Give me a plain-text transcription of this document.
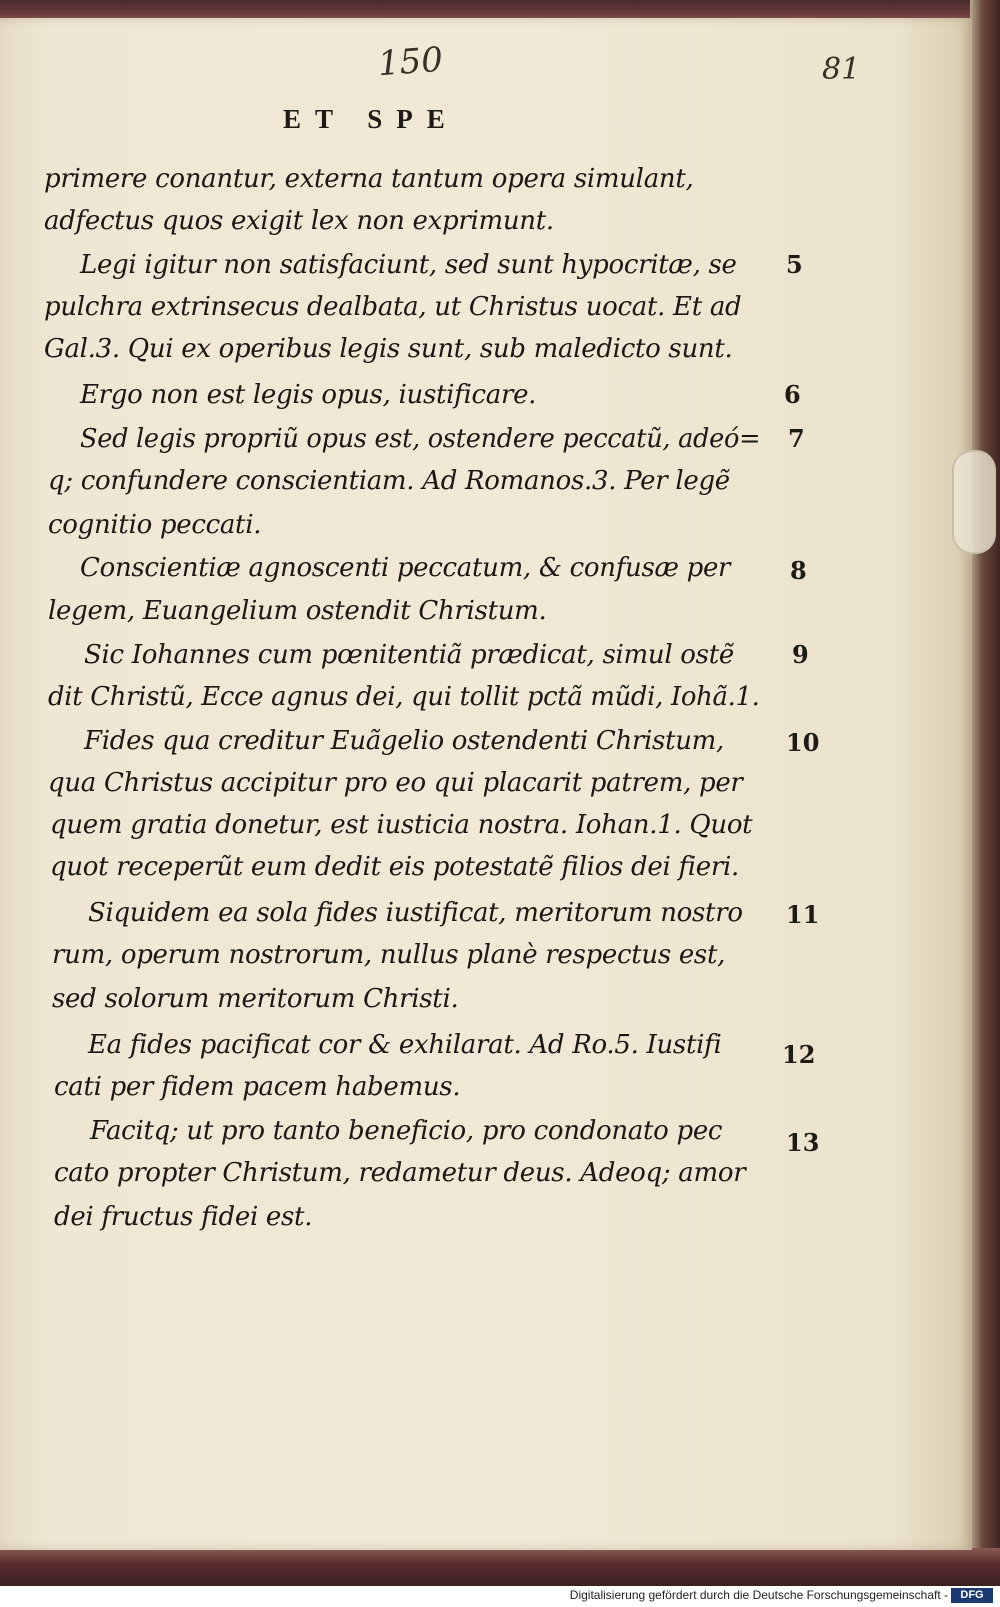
150	81
ET SPE
primere conantur, externa tantum opera simulant,
adfectus quos exigit lex non exprimunt.
Legi igitur non satisfaciunt, sed sunt hypocritæ, se
pulchra extrinsecus dealbata, ut Christus uocat. Et ad
Gal.3. Qui ex operibus legis sunt, sub maledicto sunt.
Ergo non est legis opus, iustificare.
Sed legis propriũ opus est, ostendere peccatũ, adeó=
q; confundere conscientiam. Ad Romanos.3. Per legẽ
cognitio peccati.
Conscientiæ agnoscenti peccatum, & confusæ per
legem, Euangelium ostendit Christum.
Sic Iohannes cum pœnitentiã prædicat, simul ostẽ
dit Christũ, Ecce agnus dei, qui tollit pctã mũdi, Iohã.1.
Fides qua creditur Euãgelio ostendenti Christum,
qua Christus accipitur pro eo qui placarit patrem, per
quem gratia donetur, est iusticia nostra. Iohan.1. Quot
quot receperũt eum dedit eis potestatẽ filios dei fieri.
Siquidem ea sola fides iustificat, meritorum nostro
rum, operum nostrorum, nullus planè respectus est,
sed solorum meritorum Christi.
Ea fides pacificat cor & exhilarat. Ad Ro.5. Iustifi
cati per fidem pacem habemus.
Facitq; ut pro tanto beneficio, pro condonato pec
cato propter Christum, redametur deus. Adeoq; amor
dei fructus fidei est.
5
6
7
8
9
10
11
12
13
Digitalisierung gefördert durch die Deutsche Forschungsgemeinschaft -	DFG
